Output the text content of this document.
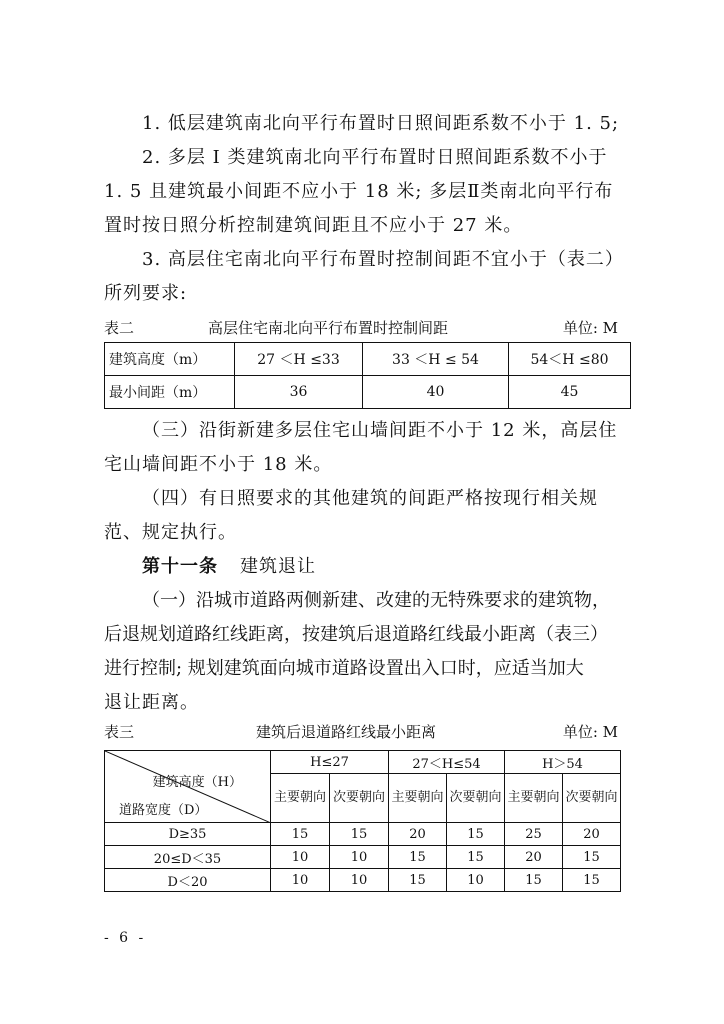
1. 低层建筑南北向平行布置时日照间距系数不小于 1. 5;
2. 多层 I 类建筑南北向平行布置时日照间距系数不小于
1. 5 且建筑最小间距不应小于 18 米; 多层Ⅱ类南北向平行布
置时按日照分析控制建筑间距且不应小于 27 米。
3. 高层住宅南北向平行布置时控制间距不宜小于（表二）
所列要求:
表二	高层住宅南北向平行布置时控制间距	单位: M
建筑高度（m）	27 ＜H ≤33	33 ＜H ≤ 54	54＜H ≤80
最小间距（m）	36	40	45
（三）沿街新建多层住宅山墙间距不小于 12 米，高层住
宅山墙间距不小于 18 米。
（四）有日照要求的其他建筑的间距严格按现行相关规
范、规定执行。
第十一条 建筑退让
（一）沿城市道路两侧新建、改建的无特殊要求的建筑物，
后退规划道路红线距离，按建筑后退道路红线最小距离（表三）
进行控制; 规划建筑面向城市道路设置出入口时，应适当加大
退让距离。
表三	建筑后退道路红线最小距离	单位: M
建筑高度（H）
道路宽度（D）	H≤27		27＜H≤54		H＞54	
	主要朝向	次要朝向	主要朝向	次要朝向	主要朝向	次要朝向
D≥35	15	15	20	15	25	20
20≤D＜35	10	10	15	15	20	15
D＜20	10	10	15	10	15	15
- 6 -
